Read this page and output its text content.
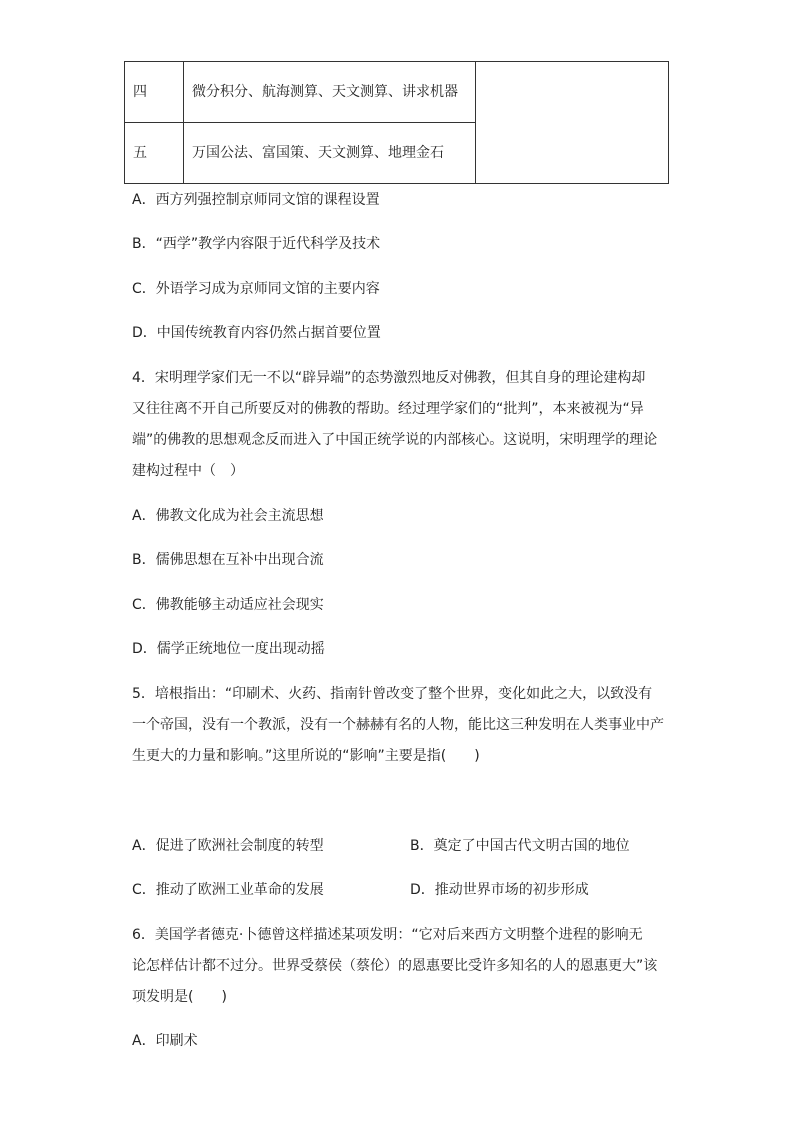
四	微分积分、航海测算、天文测算、讲求机器	
五	万国公法、富国策、天文测算、地理金石	
A．西方列强控制京师同文馆的课程设置
B．“西学”教学内容限于近代科学及技术
C．外语学习成为京师同文馆的主要内容
D．中国传统教育内容仍然占据首要位置
4．宋明理学家们无一不以“辟异端”的态势激烈地反对佛教，但其自身的理论建构却
又往往离不开自己所要反对的佛教的帮助。经过理学家们的“批判”，本来被视为“异
端”的佛教的思想观念反而进入了中国正统学说的内部核心。这说明，宋明理学的理论
建构过程中（　）
A．佛教文化成为社会主流思想
B．儒佛思想在互补中出现合流
C．佛教能够主动适应社会现实
D．儒学正统地位一度出现动摇
5．培根指出：“印刷术、火药、指南针曾改变了整个世界，变化如此之大，以致没有
一个帝国，没有一个教派，没有一个赫赫有名的人物，能比这三种发明在人类事业中产
生更大的力量和影响。”这里所说的“影响”主要是指(　　)
A．促进了欧洲社会制度的转型	B．奠定了中国古代文明古国的地位
C．推动了欧洲工业革命的发展	D．推动世界市场的初步形成
6．美国学者德克·卜德曾这样描述某项发明：“它对后来西方文明整个进程的影响无
论怎样估计都不过分。世界受蔡侯（蔡伦）的恩惠要比受许多知名的人的恩惠更大”该
项发明是(　　)
A．印刷术
